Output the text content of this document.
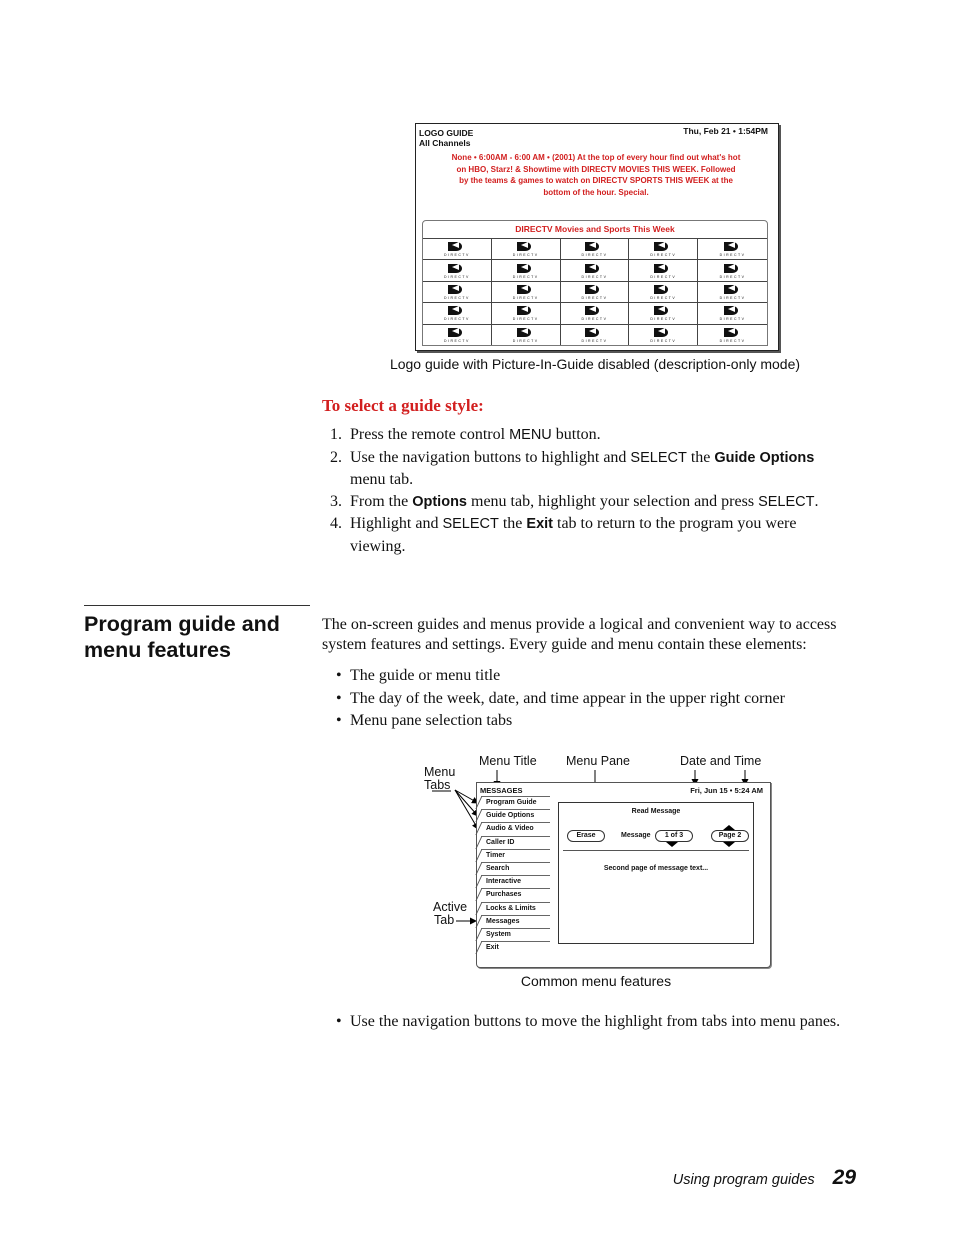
LOGO GUIDE
All Channels
Thu, Feb 21 • 1:54PM
None • 6:00AM - 6:00 AM • (2001) At the top of every hour find out what's hot
on HBO, Starz! & Showtime with DIRECTV MOVIES THIS WEEK. Followed
by the teams & games to watch on DIRECTV SPORTS THIS WEEK at the
bottom of the hour. Special.
DIRECTV Movies and Sports This Week
DIRECTV	DIRECTV	DIRECTV	DIRECTV	DIRECTV
DIRECTV	DIRECTV	DIRECTV	DIRECTV	DIRECTV
DIRECTV	DIRECTV	DIRECTV	DIRECTV	DIRECTV
DIRECTV	DIRECTV	DIRECTV	DIRECTV	DIRECTV
DIRECTV	DIRECTV	DIRECTV	DIRECTV	DIRECTV
Logo guide with Picture-In-Guide disabled (description-only mode)
To select a guide style:
1. Press the remote control MENU button.
2. Use the navigation buttons to highlight and SELECT the Guide Options
menu tab.
3. From the Options menu tab, highlight your selection and press SELECT.
4. Highlight and SELECT the Exit tab to return to the program you were
viewing.
Program guide and
menu features
The on-screen guides and menus provide a logical and convenient way to access system features and settings. Every guide and menu contain these elements:
• The guide or menu title
• The day of the week, date, and time appear in the upper right corner
• Menu pane selection tabs
Menu
Tabs
Menu Title Menu Pane	Date and Time
Active
Tab
MESSAGES	Fri, Jun 15 • 5:24 AM
Program Guide
Guide Options
Audio & Video
Caller ID
Timer
Search
Interactive
Purchases
Locks & Limits
Messages
System
Exit
Read Message
Erase	Message	1 of 3	Page 2
Second page of message text...
Common menu features
• Use the navigation buttons to move the highlight from tabs into menu panes.
Using program guides 29
